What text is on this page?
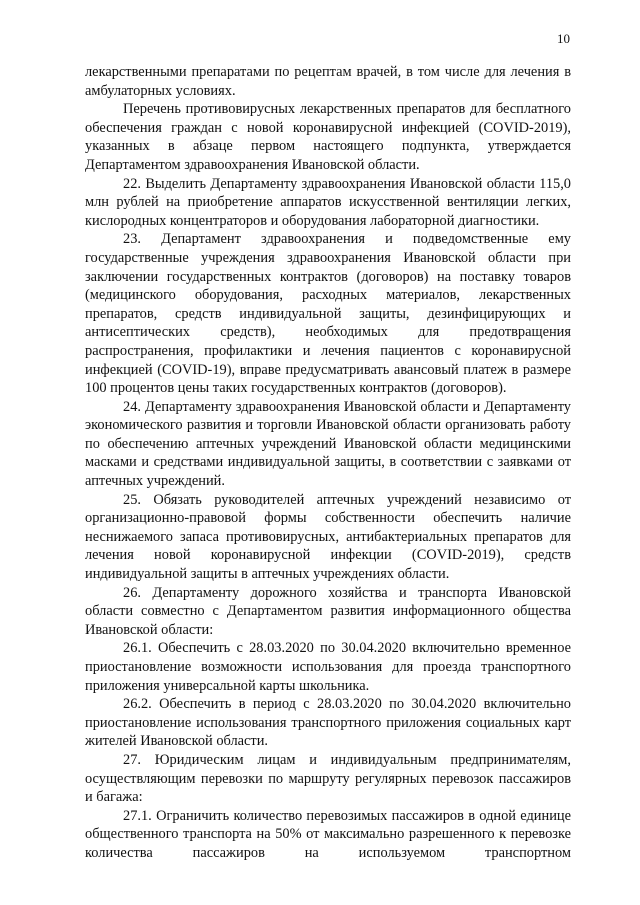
10

лекарственными препаратами по рецептам врачей, в том числе для лечения в амбулаторных условиях.

Перечень противовирусных лекарственных препаратов для бесплатного обеспечения граждан с новой коронавирусной инфекцией (COVID-2019), указанных в абзаце первом настоящего подпункта, утверждается Департаментом здравоохранения Ивановской области.

22. Выделить Департаменту здравоохранения Ивановской области 115,0 млн рублей на приобретение аппаратов искусственной вентиляции легких, кислородных концентраторов и оборудования лабораторной диагностики.

23. Департамент здравоохранения и подведомственные ему государственные учреждения здравоохранения Ивановской области при заключении государственных контрактов (договоров) на поставку товаров (медицинского оборудования, расходных материалов, лекарственных препаратов, средств индивидуальной защиты, дезинфицирующих и антисептических средств), необходимых для предотвращения распространения, профилактики и лечения пациентов с коронавирусной инфекцией (COVID-19), вправе предусматривать авансовый платеж в размере 100 процентов цены таких государственных контрактов (договоров).

24. Департаменту здравоохранения Ивановской области и Департаменту экономического развития и торговли Ивановской области организовать работу по обеспечению аптечных учреждений Ивановской области медицинскими масками и средствами индивидуальной защиты, в соответствии с заявками от аптечных учреждений.

25. Обязать руководителей аптечных учреждений независимо от организационно-правовой формы собственности обеспечить наличие неснижаемого запаса противовирусных, антибактериальных препаратов для лечения новой коронавирусной инфекции (COVID-2019), средств индивидуальной защиты в аптечных учреждениях области.

26. Департаменту дорожного хозяйства и транспорта Ивановской области совместно с Департаментом развития информационного общества Ивановской области:

26.1. Обеспечить с 28.03.2020 по 30.04.2020 включительно временное приостановление возможности использования для проезда транспортного приложения универсальной карты школьника.

26.2. Обеспечить в период с 28.03.2020 по 30.04.2020 включительно приостановление использования транспортного приложения социальных карт жителей Ивановской области.

27. Юридическим лицам и индивидуальным предпринимателям, осуществляющим перевозки по маршруту регулярных перевозок пассажиров и багажа:

27.1. Ограничить количество перевозимых пассажиров в одной единице общественного транспорта на 50% от максимально разрешенного к перевозке количества пассажиров на используемом транспортном
